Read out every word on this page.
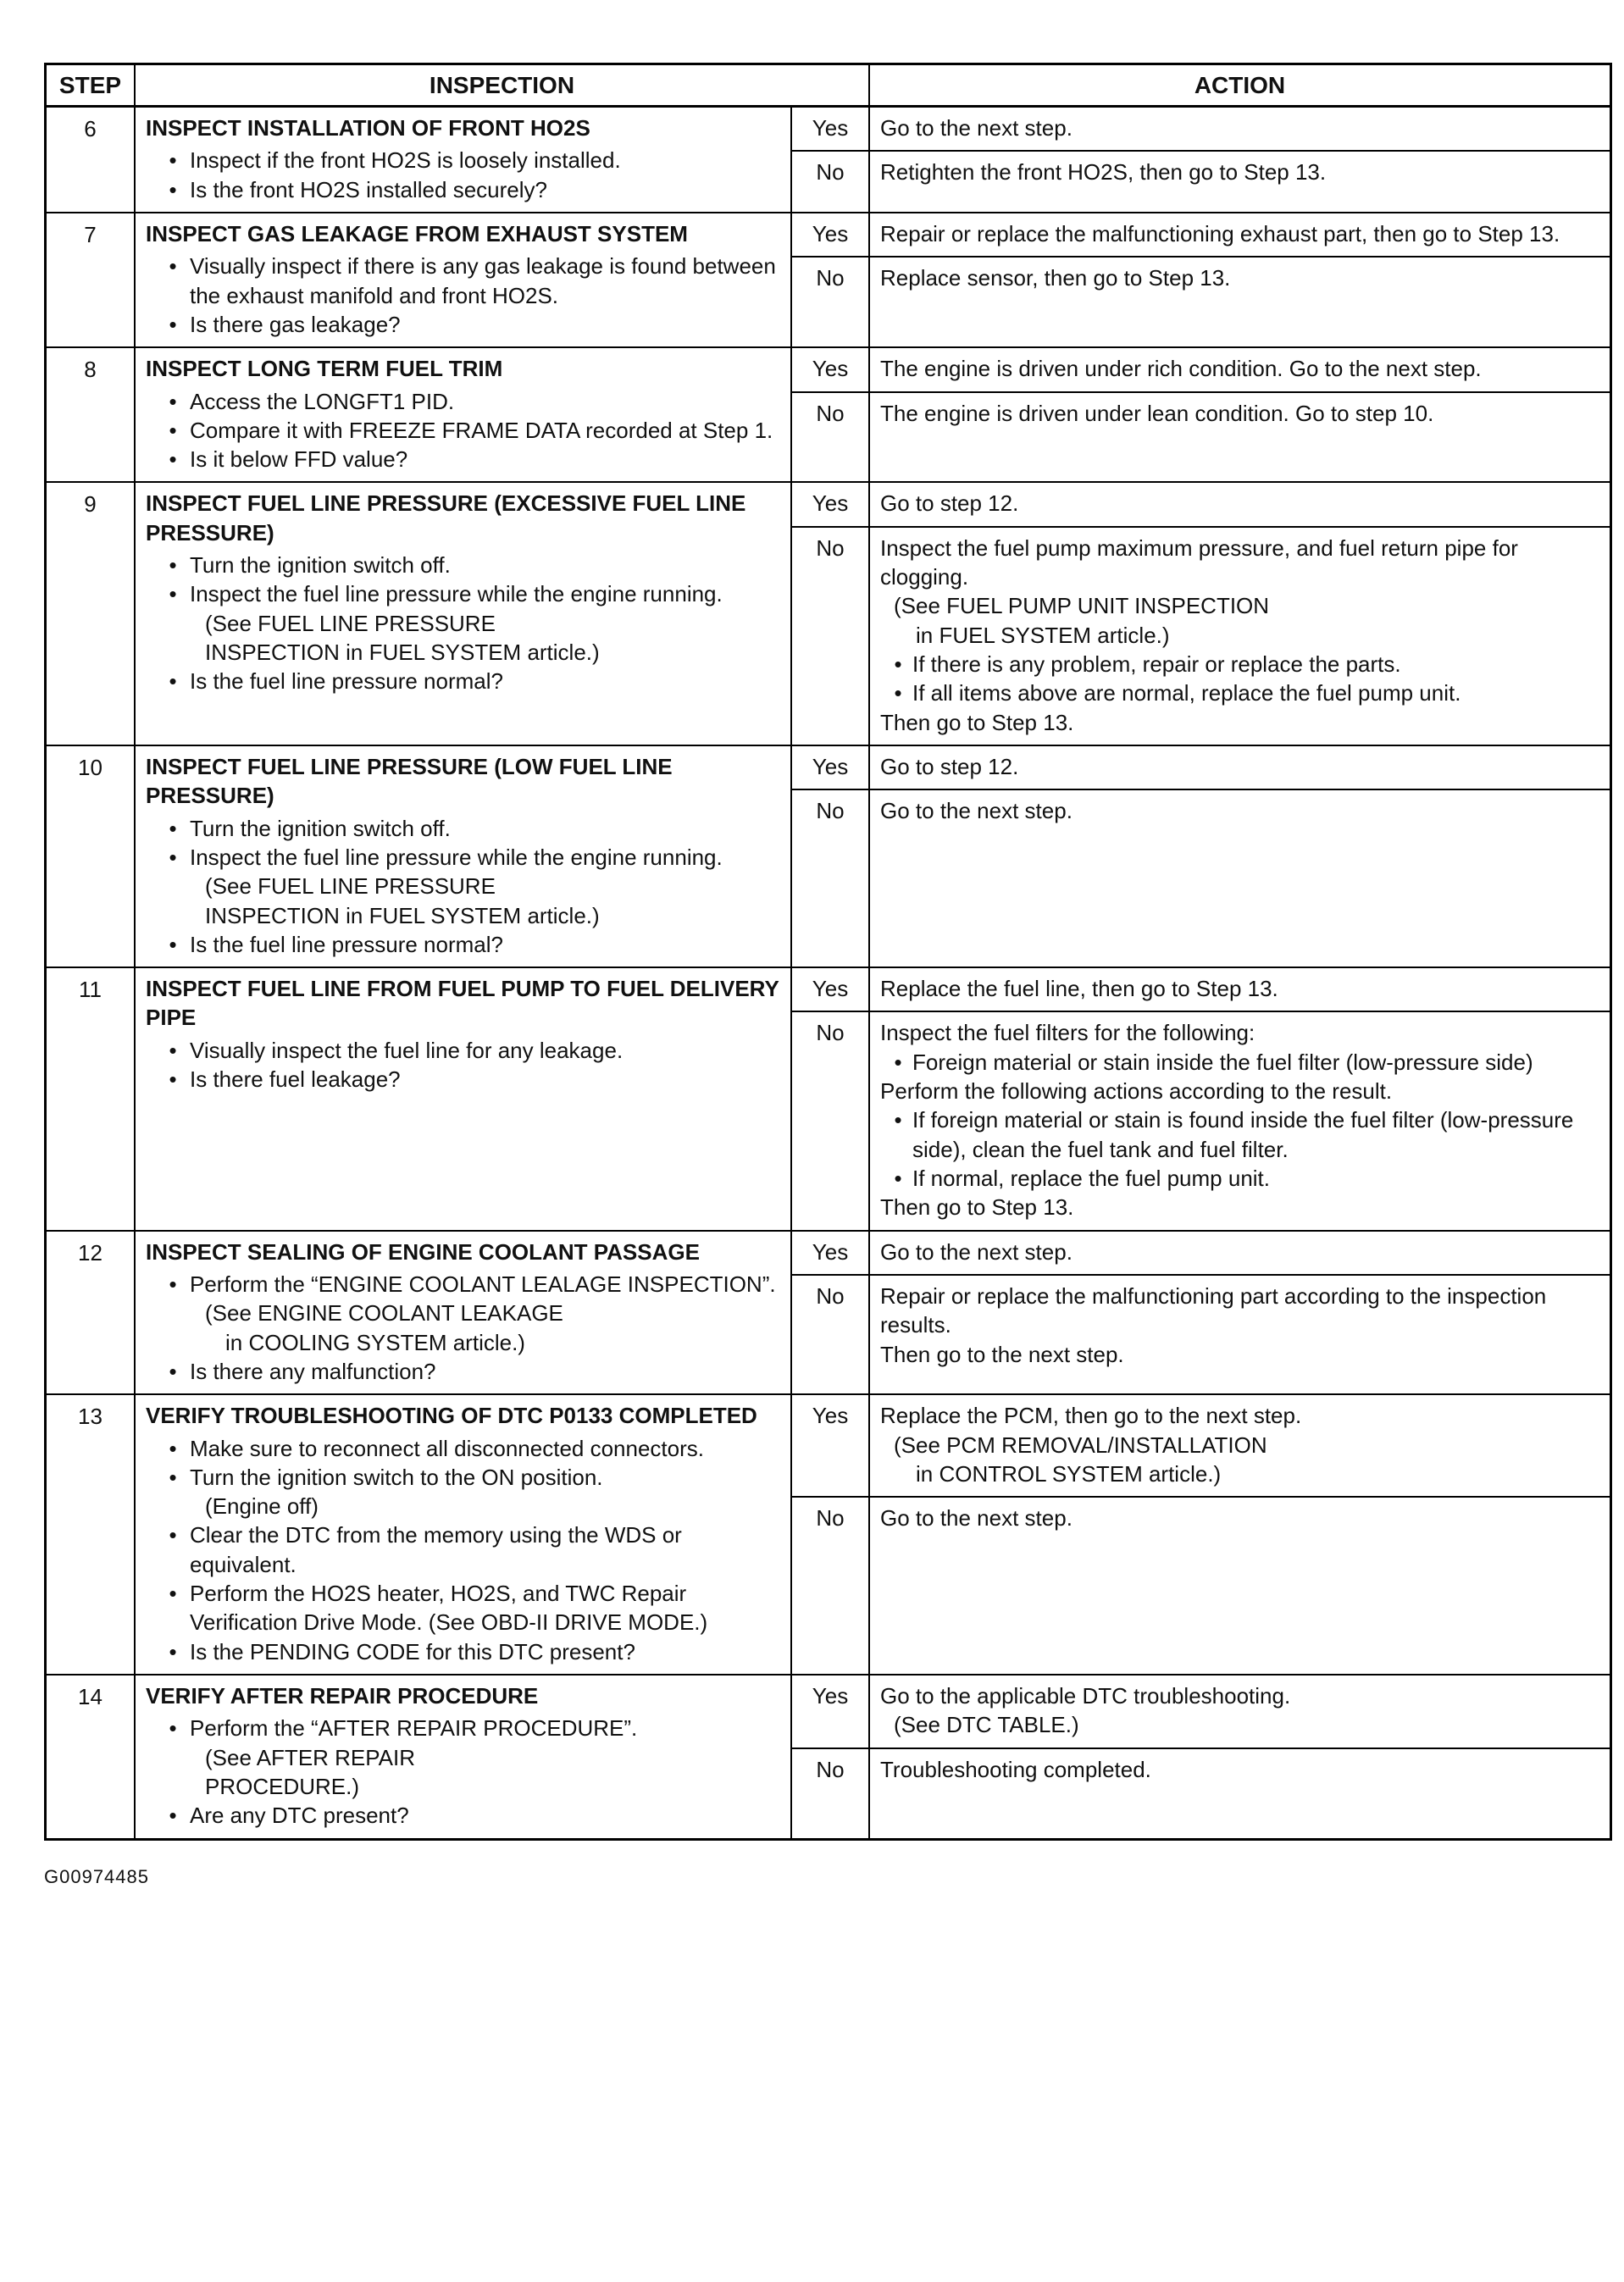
STEP	INSPECTION	ACTION
6	INSPECT INSTALLATION OF FRONT HO2S
• Inspect if the front HO2S is loosely installed.
• Is the front HO2S installed securely?
Yes	Go to the next step.
No	Retighten the front HO2S, then go to Step 13.
7	INSPECT GAS LEAKAGE FROM EXHAUST SYSTEM
• Visually inspect if there is any gas leakage is found between the exhaust manifold and front HO2S.
• Is there gas leakage?
Yes	Repair or replace the malfunctioning exhaust part, then go to Step 13.
No	Replace sensor, then go to Step 13.
8	INSPECT LONG TERM FUEL TRIM
• Access the LONGFT1 PID.
• Compare it with FREEZE FRAME DATA recorded at Step 1.
• Is it below FFD value?
Yes	The engine is driven under rich condition. Go to the next step.
No	The engine is driven under lean condition. Go to step 10.
9	INSPECT FUEL LINE PRESSURE (EXCESSIVE FUEL LINE PRESSURE)
• Turn the ignition switch off.
• Inspect the fuel line pressure while the engine running.
(See FUEL LINE PRESSURE
INSPECTION in FUEL SYSTEM article.)
• Is the fuel line pressure normal?
Yes	Go to step 12.
No	Inspect the fuel pump maximum pressure, and fuel return pipe for clogging.
(See FUEL PUMP UNIT INSPECTION
in FUEL SYSTEM article.)
• If there is any problem, repair or replace the parts.
• If all items above are normal, replace the fuel pump unit.
Then go to Step 13.
10	INSPECT FUEL LINE PRESSURE (LOW FUEL LINE PRESSURE)
• Turn the ignition switch off.
• Inspect the fuel line pressure while the engine running.
(See FUEL LINE PRESSURE
INSPECTION in FUEL SYSTEM article.)
• Is the fuel line pressure normal?
Yes	Go to step 12.
No	Go to the next step.
11	INSPECT FUEL LINE FROM FUEL PUMP TO FUEL DELIVERY PIPE
• Visually inspect the fuel line for any leakage.
• Is there fuel leakage?
Yes	Replace the fuel line, then go to Step 13.
No	Inspect the fuel filters for the following:
• Foreign material or stain inside the fuel filter (low-pressure side)
Perform the following actions according to the result.
• If foreign material or stain is found inside the fuel filter (low-pressure side), clean the fuel tank and fuel filter.
• If normal, replace the fuel pump unit.
Then go to Step 13.
12	INSPECT SEALING OF ENGINE COOLANT PASSAGE
• Perform the “ENGINE COOLANT LEALAGE INSPECTION”.
(See ENGINE COOLANT LEAKAGE
in COOLING SYSTEM article.)
• Is there any malfunction?
Yes	Go to the next step.
No	Repair or replace the malfunctioning part according to the inspection results.
Then go to the next step.
13	VERIFY TROUBLESHOOTING OF DTC P0133 COMPLETED
• Make sure to reconnect all disconnected connectors.
• Turn the ignition switch to the ON position.
(Engine off)
• Clear the DTC from the memory using the WDS or equivalent.
• Perform the HO2S heater, HO2S, and TWC Repair Verification Drive Mode. (See OBD-II DRIVE MODE.)
• Is the PENDING CODE for this DTC present?
Yes	Replace the PCM, then go to the next step.
(See PCM REMOVAL/INSTALLATION
in CONTROL SYSTEM article.)
No	Go to the next step.
14	VERIFY AFTER REPAIR PROCEDURE
• Perform the “AFTER REPAIR PROCEDURE”.
(See AFTER REPAIR
PROCEDURE.)
• Are any DTC present?
Yes	Go to the applicable DTC troubleshooting.
(See DTC TABLE.)
No	Troubleshooting completed.
G00974485
